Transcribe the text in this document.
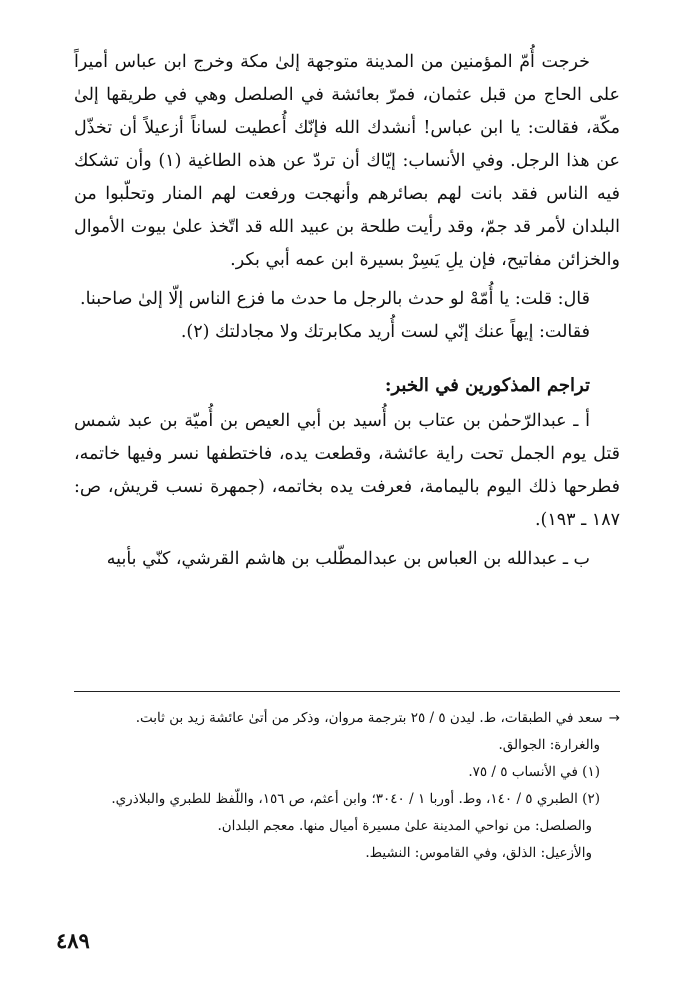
خرجت أُمّ المؤمنين من المدينة متوجهة إلىٰ مكة وخرج ابن عباس أميراً على الحاج من قبل عثمان، فمرّ بعائشة في الصلصل وهي في طريقها إلىٰ مكّة، فقالت: يا ابن عباس! أنشدك الله فإنّك أُعطيت لساناً أزعيلاً أن تخذّل عن هذا الرجل. وفي الأنساب: إيّاك أن تردّ عن هذه الطاغية (١) وأن تشكك فيه الناس فقد بانت لهم بصائرهم وأنهجت ورفعت لهم المنار وتحلّبوا من البلدان لأمر قد جمّ، وقد رأيت طلحة بن عبيد الله قد اتّخذ علىٰ بيوت الأموال والخزائن مفاتيح، فإن يلِ يَسِرْ بسيرة ابن عمه أبي بكر.

قال: قلت: يا أُمّهْ لو حدث بالرجل ما حدث ما فزع الناس إلّا إلىٰ صاحبنا.

فقالت: إيهاً عنك إنّي لست أُريد مكابرتك ولا مجادلتك (٢).

تراجم المذكورين في الخبر:

أ ـ عبدالرّحمٰن بن عتاب بن أُسيد بن أبي العيص بن أُميّة بن عبد شمس قتل يوم الجمل تحت راية عائشة، وقطعت يده، فاختطفها نسر وفيها خاتمه، فطرحها ذلك اليوم باليمامة، فعرفت يده بخاتمه، (جمهرة نسب قريش، ص: ١٨٧ ـ ١٩٣).

ب ـ عبدالله بن العباس بن عبدالمطّلب بن هاشم القرشي، كنّي بأبيه

→سعد في الطبقات، ط. ليدن ٥ / ٢٥ بترجمة مروان، وذكر من أتىٰ عائشة زيد بن ثابت.

والغرارة: الجوالق.

(١) في الأنساب ٥ / ٧٥.

(٢) الطبري ٥ / ١٤٠، وط. أوربا ١ / ٣٠٤٠؛ وابن أعثم، ص ١٥٦، واللّفظ للطبري والبلاذري.

والصلصل: من نواحي المدينة علىٰ مسيرة أميال منها. معجم البلدان.

والأزعيل: الذلق، وفي القاموس: النشيط.

٤٨٩
